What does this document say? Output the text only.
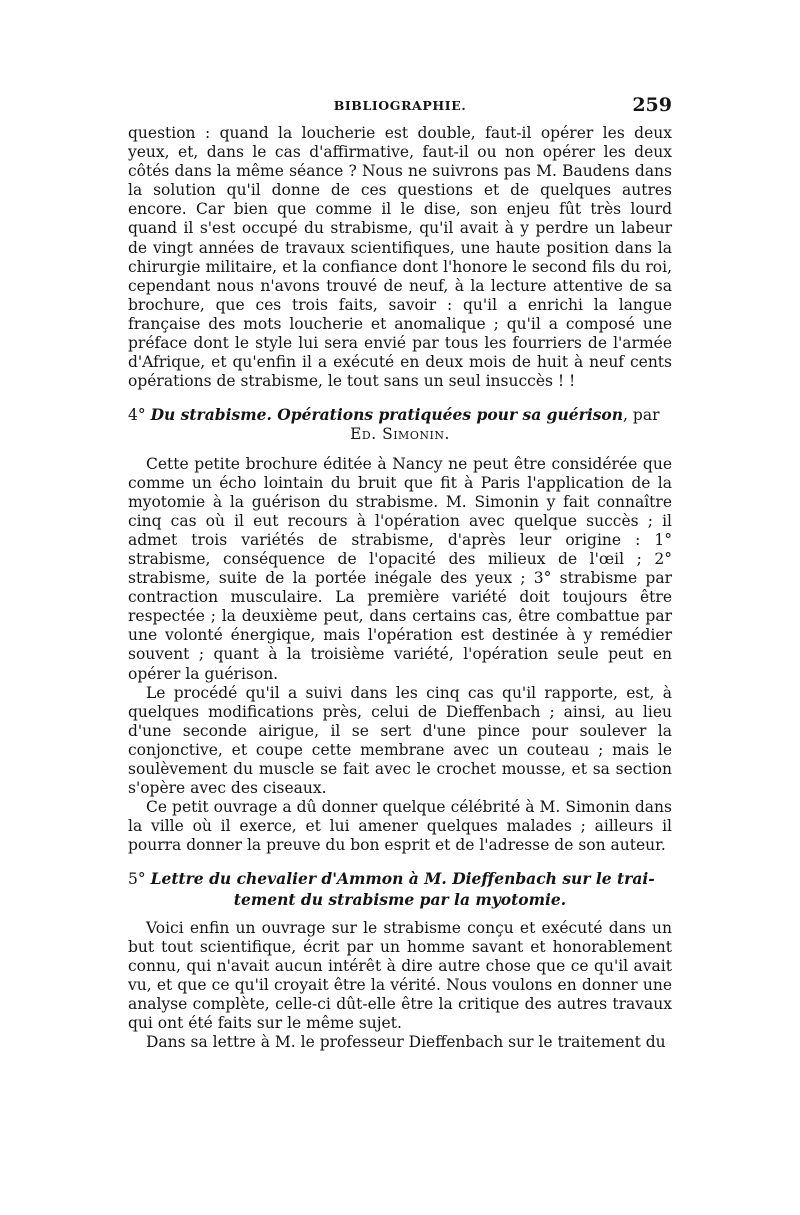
BIBLIOGRAPHIE.	259

question : quand la loucherie est double, faut-il opérer les deux yeux, et, dans le cas d'affirmative, faut-il ou non opérer les deux côtés dans la même séance ? Nous ne suivrons pas M. Baudens dans la solution qu'il donne de ces questions et de quelques autres encore. Car bien que comme il le dise, son enjeu fût très lourd quand il s'est occupé du strabisme, qu'il avait à y perdre un labeur de vingt années de travaux scientifiques, une haute position dans la chirurgie militaire, et la confiance dont l'honore le second fils du roi, cependant nous n'avons trouvé de neuf, à la lecture attentive de sa brochure, que ces trois faits, savoir : qu'il a enrichi la langue française des mots loucherie et anomalique ; qu'il a composé une préface dont le style lui sera envié par tous les fourriers de l'armée d'Afrique, et qu'enfin il a exécuté en deux mois de huit à neuf cents opérations de strabisme, le tout sans un seul insuccès ! !

4° Du strabisme. Opérations pratiquées pour sa guérison, par
Ed. Simonin.

Cette petite brochure éditée à Nancy ne peut être considérée que comme un écho lointain du bruit que fit à Paris l'application de la myotomie à la guérison du strabisme. M. Simonin y fait connaître cinq cas où il eut recours à l'opération avec quelque succès ; il admet trois variétés de strabisme, d'après leur origine : 1° strabisme, conséquence de l'opacité des milieux de l'œil ; 2° strabisme, suite de la portée inégale des yeux ; 3° strabisme par contraction musculaire. La première variété doit toujours être respectée ; la deuxième peut, dans certains cas, être combattue par une volonté énergique, mais l'opération est destinée à y remédier souvent ; quant à la troisième variété, l'opération seule peut en opérer la guérison.

Le procédé qu'il a suivi dans les cinq cas qu'il rapporte, est, à quelques modifications près, celui de Dieffenbach ; ainsi, au lieu d'une seconde airigue, il se sert d'une pince pour soulever la conjonctive, et coupe cette membrane avec un couteau ; mais le soulèvement du muscle se fait avec le crochet mousse, et sa section s'opère avec des ciseaux.

Ce petit ouvrage a dû donner quelque célébrité à M. Simonin dans la ville où il exerce, et lui amener quelques malades ; ailleurs il pourra donner la preuve du bon esprit et de l'adresse de son auteur.

5° Lettre du chevalier d'Ammon à M. Dieffenbach sur le trai-
tement du strabisme par la myotomie.

Voici enfin un ouvrage sur le strabisme conçu et exécuté dans un but tout scientifique, écrit par un homme savant et honorablement connu, qui n'avait aucun intérêt à dire autre chose que ce qu'il avait vu, et que ce qu'il croyait être la vérité. Nous voulons en donner une analyse complète, celle-ci dût-elle être la critique des autres travaux qui ont été faits sur le même sujet.

Dans sa lettre à M. le professeur Dieffenbach sur le traitement du
